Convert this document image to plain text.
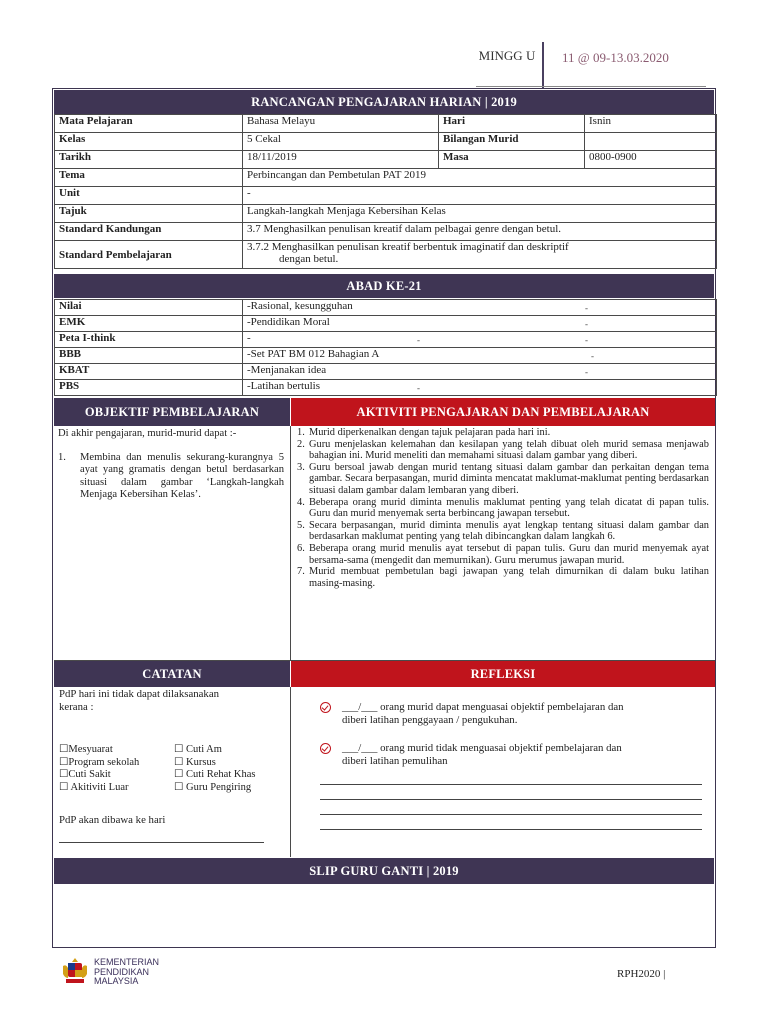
MINGG U 11 @ 09-13.03.2020
RANCANGAN PENGAJARAN HARIAN | 2019
Mata Pelajaran	Bahasa Melayu	Hari	Isnin
Kelas	5 Cekal	Bilangan Murid	
Tarikh	18/11/2019	Masa	0800-0900
Tema	Perbincangan dan Pembetulan PAT 2019		
Unit	-		
Tajuk	Langkah-langkah Menjaga Kebersihan Kelas		
Standard Kandungan	3.7 Menghasilkan penulisan kreatif dalam pelbagai genre dengan betul.		
Standard Pembelajaran	3.7.2 Menghasilkan penulisan kreatif berbentuk imaginatif dan deskriptif
dengan betul.		
ABAD KE-21
Nilai	-Rasional, kesungguhan -

EMK	-Pendidikan Moral -

Peta I-think	- - -

BBB	-Set PAT BM 012 Bahagian A -

KBAT	-Menjanakan idea -

PBS	-Latihan bertulis -
OBJEKTIF PEMBELAJARAN	AKTIVITI PENGAJARAN DAN PEMBELAJARAN
Di akhir pengajaran, murid-murid dapat :-
1. Membina dan menulis sekurang-kurangnya 5 ayat yang gramatis dengan betul berdasarkan situasi dalam gambar ‘Langkah-langkah Menjaga Kebersihan Kelas’.
1. Murid diperkenalkan dengan tajuk pelajaran pada hari ini.
2. Guru menjelaskan kelemahan dan kesilapan yang telah dibuat oleh murid semasa menjawab bahagian ini. Murid meneliti dan memahami situasi dalam gambar yang diberi.
3. Guru bersoal jawab dengan murid tentang situasi dalam gambar dan perkaitan dengan tema gambar. Secara berpasangan, murid diminta mencatat maklumat-maklumat penting berdasarkan situasi dalam gambar dalam lembaran yang diberi.
4. Beberapa orang murid diminta menulis maklumat penting yang telah dicatat di papan tulis. Guru dan murid menyemak serta berbincang jawapan tersebut.
5. Secara berpasangan, murid diminta menulis ayat lengkap tentang situasi dalam gambar dan berdasarkan maklumat penting yang telah dibincangkan dalam langkah 6.
6. Beberapa orang murid menulis ayat tersebut di papan tulis. Guru dan murid menyemak ayat bersama-sama (mengedit dan memurnikan). Guru merumus jawapan murid.
7. Murid membuat pembetulan bagi jawapan yang telah dimurnikan di dalam buku latihan masing-masing.
CATATAN	REFLEKSI
PdP hari ini tidak dapat dilaksanakan
kerana :
☐Mesyuarat
☐Program sekolah
☐Cuti Sakit
☐ Akitiviti Luar
☐ Cuti Am
☐ Kursus
☐ Cuti Rehat Khas
☐ Guru Pengiring
PdP akan dibawa ke hari
___/___ orang murid dapat menguasai objektif pembelajaran dan
diberi latihan penggayaan / pengukuhan.
___/___ orang murid tidak menguasai objektif pembelajaran dan
diberi latihan pemulihan
SLIP GURU GANTI | 2019
KEMENTERIAN
PENDIDIKAN
MALAYSIA
RPH2020 |
